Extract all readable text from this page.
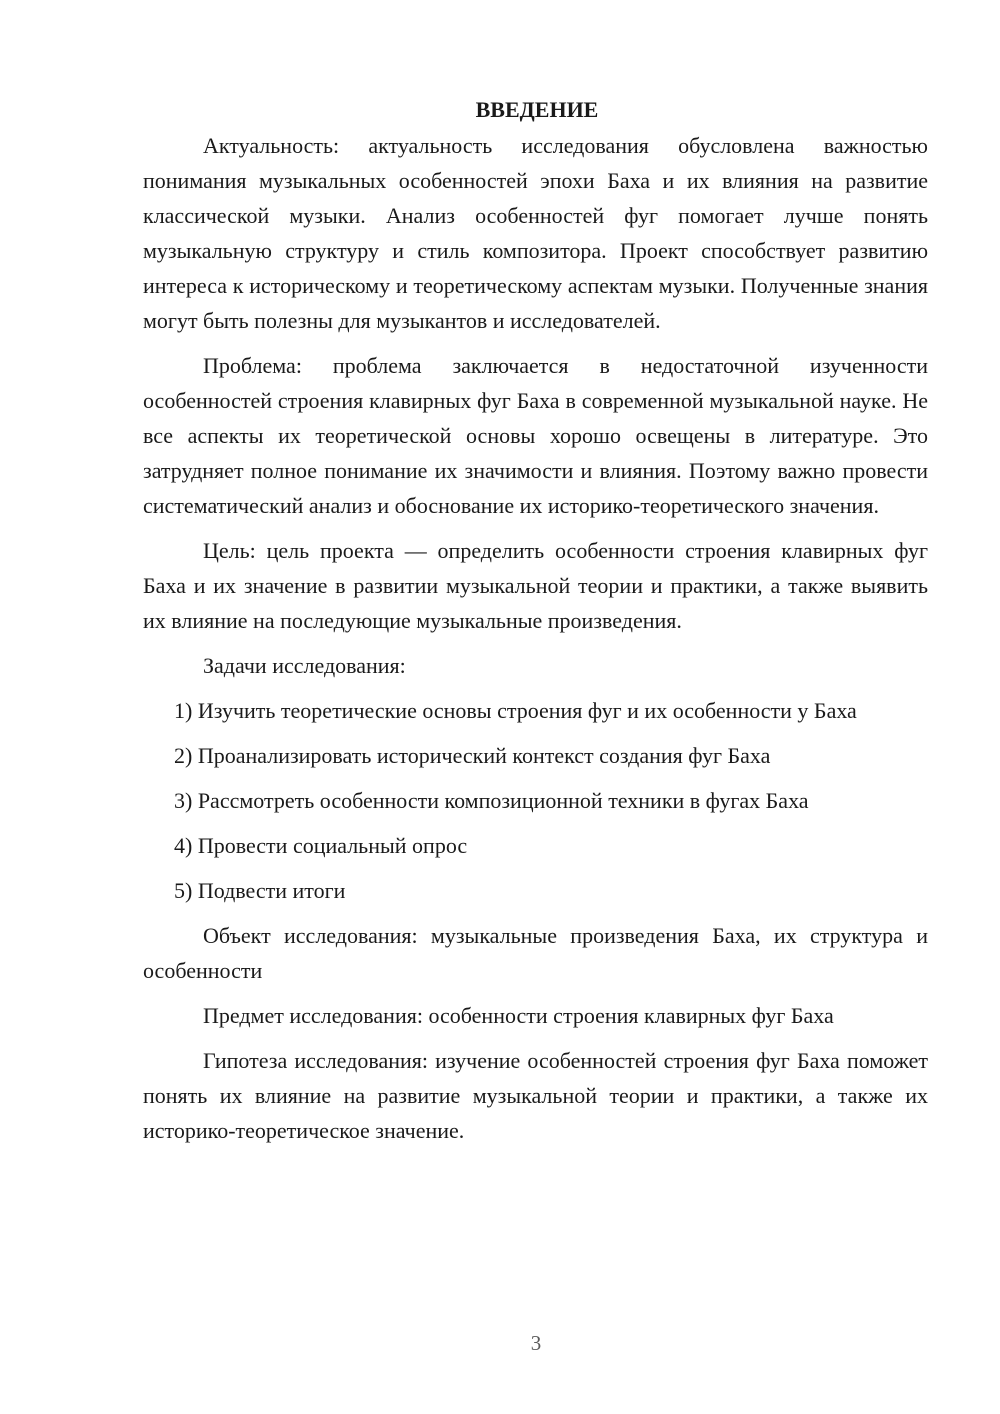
ВВЕДЕНИЕ

Актуальность: актуальность исследования обусловлена важностью понимания музыкальных особенностей эпохи Баха и их влияния на развитие классической музыки. Анализ особенностей фуг помогает лучше понять музыкальную структуру и стиль композитора. Проект способствует развитию интереса к историческому и теоретическому аспектам музыки. Полученные знания могут быть полезны для музыкантов и исследователей.

Проблема: проблема заключается в недостаточной изученности особенностей строения клавирных фуг Баха в современной музыкальной науке. Не все аспекты их теоретической основы хорошо освещены в литературе. Это затрудняет полное понимание их значимости и влияния. Поэтому важно провести систематический анализ и обоснование их историко-теоретического значения.

Цель: цель проекта — определить особенности строения клавирных фуг Баха и их значение в развитии музыкальной теории и практики, а также выявить их влияние на последующие музыкальные произведения.

Задачи исследования:

1) Изучить теоретические основы строения фуг и их особенности у Баха

2) Проанализировать исторический контекст создания фуг Баха

3) Рассмотреть особенности композиционной техники в фугах Баха

4) Провести социальный опрос

5) Подвести итоги

Объект исследования: музыкальные произведения Баха, их структура и особенности

Предмет исследования: особенности строения клавирных фуг Баха

Гипотеза исследования: изучение особенностей строения фуг Баха поможет понять их влияние на развитие музыкальной теории и практики, а также их историко-теоретическое значение.

3
